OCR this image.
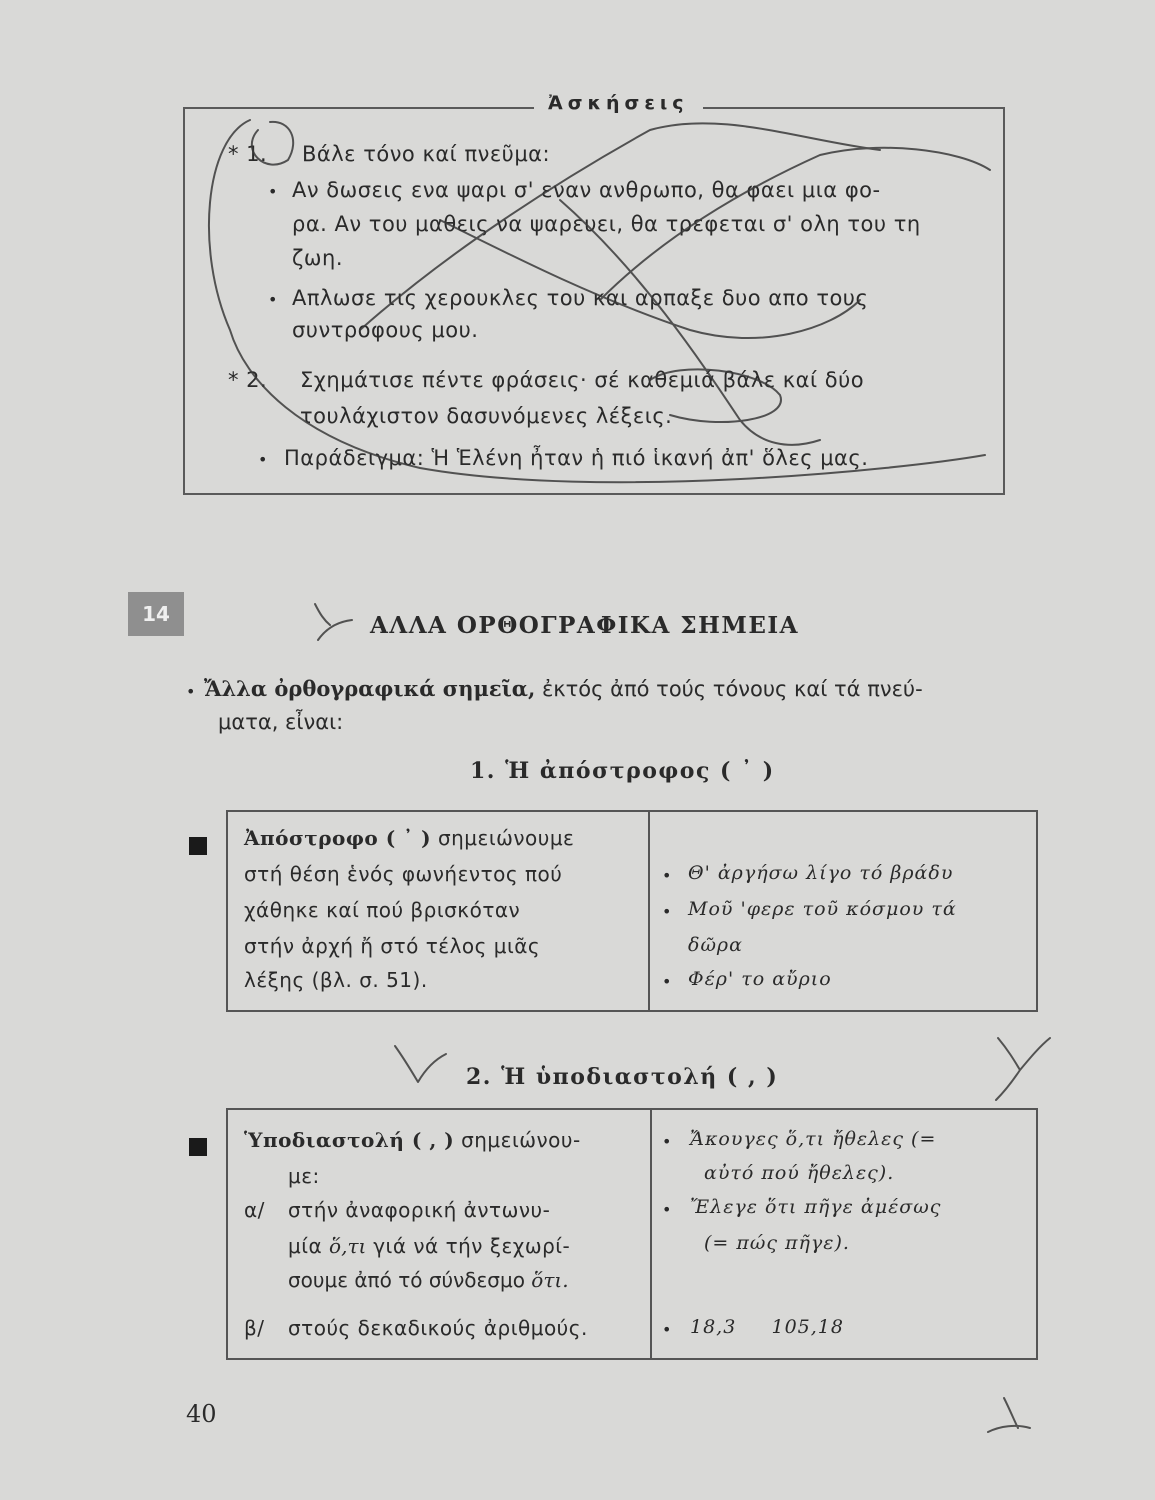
Ἀσκήσεις
* 1. Βάλε τόνο καί πνεῦμα:
• Αν δωσεις ενα ψαρι σ' εναν ανθρωπο, θα φαει μια φο-
ρα. Αν του μαθεις να ψαρευει, θα τρεφεται σ' ολη του τη
ζωη.
• Απλωσε τις χερουκλες του και αρπαξε δυο απο τους
συντροφους μου.
* 2. Σχημάτισε πέντε φράσεις· σέ καθεμιά βάλε καί δύο
τουλάχιστον δασυνόμενες λέξεις.
• Παράδειγμα: Ἡ Ἑλένη ἦταν ἡ πιό ἱκανή ἀπ' ὅλες μας.
14	ΑΛΛΑ ΟΡΘΟΓΡΑΦΙΚΑ ΣΗΜΕΙΑ
• Ἄλλα ὀρθογραφικά σημεῖα, ἐκτός ἀπό τούς τόνους καί τά πνεύ-
ματα, εἶναι:
1. Ἡ ἀπόστροφος ( ᾿ )
Ἀπόστροφο ( ᾿ ) σημειώνουμε
στή θέση ἑνός φωνήεντος πού
χάθηκε καί πού βρισκόταν
στήν ἀρχή ἤ στό τέλος μιᾶς
λέξης (βλ. σ. 51).
• Θ' ἀργήσω λίγο τό βράδυ
• Μοῦ 'φερε τοῦ κόσμου τά
δῶρα
• Φέρ' το αὔριο
2. Ἡ ὑποδιαστολή ( , )
Ὑποδιαστολή ( , ) σημειώνου-
με:
α/ στήν ἀναφορική ἀντωνυ-
μία ὅ,τι γιά νά τήν ξεχωρί-
σουμε ἀπό τό σύνδεσμο ὅτι.
β/ στούς δεκαδικούς ἀριθμούς.
• Ἄκουγες ὅ,τι ἤθελες (=
αὐτό πού ἤθελες).
• Ἔλεγε ὅτι πῆγε ἀμέσως
(= πώς πῆγε).
• 18,3     105,18
40
